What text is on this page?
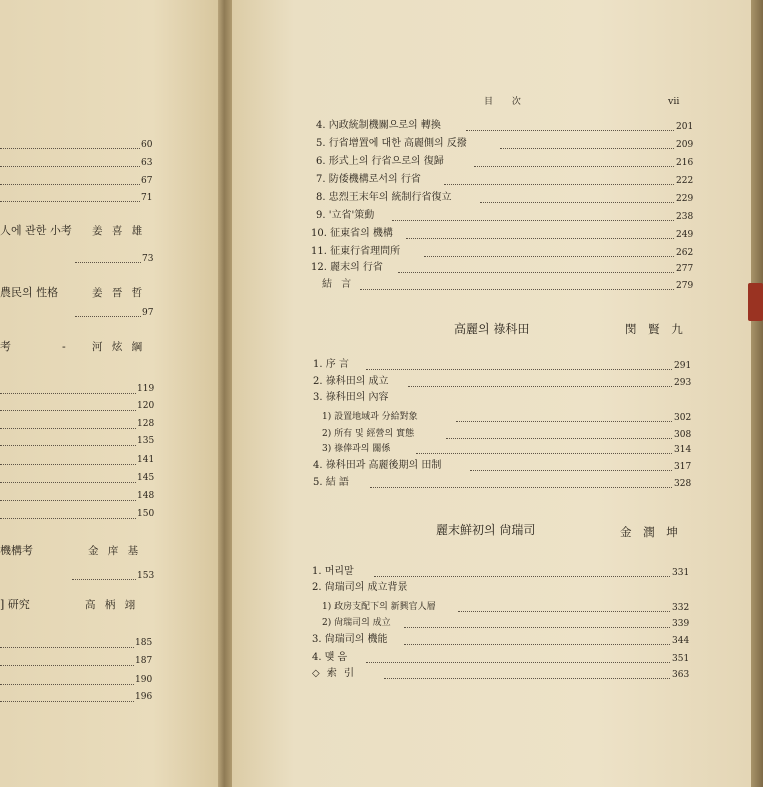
60
63
67
71
人에 관한 小考 姜 喜 雄
73
農民의 性格	姜 晉 哲
97
考	-	河 炫 綱
119
120
128
135
141
145
148
150
機構考	金 庠 基
153
] 研究	高 柄 翊
185
187
190
196
目 次	vii
4. 內政統制機關으로의 轉換	201
5. 行省增置에 대한 高麗側의 反撥	209
6. 形式上의 行省으로의 復歸	216
7. 防倭機構로서의 行省	222
8. 忠烈王末年의 統制行省復立	229
9. '立省'策動	238
10. 征東省의 機構	249
11. 征東行省理問所	262
12. 麗末의 行省	277
結 言	279
高麗의 祿科田	閔 賢 九
1. 序 言	291
2. 祿科田의 成立	293
3. 祿科田의 內容
1) 設置地域과 分給對象	302
2) 所有 및 經營의 實態	308
3) 祿俸과의 關係	314
4. 祿科田과 高麗後期의 田制	317
5. 結 語	328
麗末鮮初의 尙瑞司	金 潤 坤
1. 머리말	331
2. 尙瑞司의 成立背景
1) 政房支配下의 新興官人層	332
2) 尙瑞司의 成立	339
3. 尙瑞司의 機能	344
4. 맺 음	351
◇ 索 引	363
